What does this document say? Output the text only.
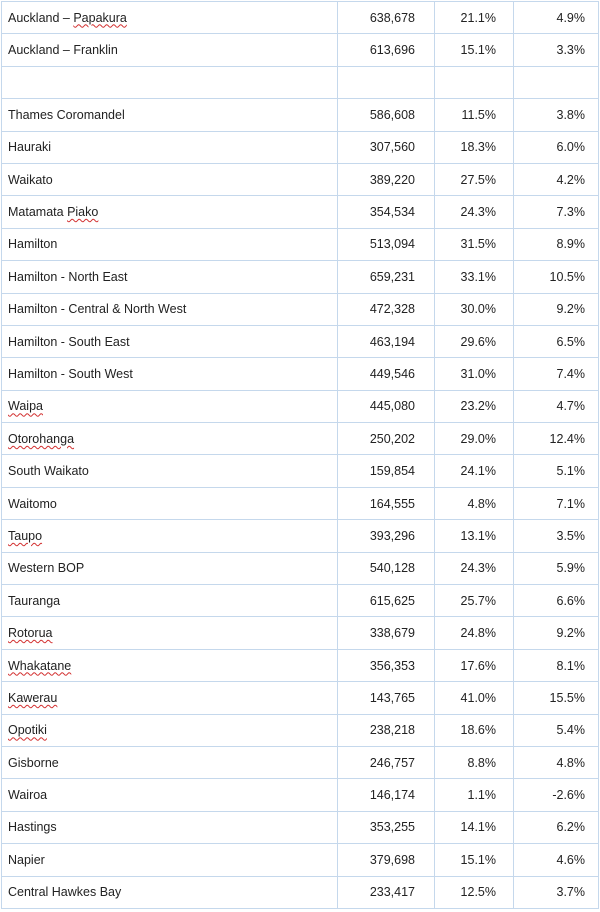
Auckland – Papakura	638,678	21.1%	4.9%
Auckland – Franklin	613,696	15.1%	3.3%

Thames Coromandel	586,608	11.5%	3.8%
Hauraki	307,560	18.3%	6.0%
Waikato	389,220	27.5%	4.2%
Matamata Piako	354,534	24.3%	7.3%
Hamilton	513,094	31.5%	8.9%
Hamilton - North East	659,231	33.1%	10.5%
Hamilton - Central & North West	472,328	30.0%	9.2%
Hamilton - South East	463,194	29.6%	6.5%
Hamilton - South West	449,546	31.0%	7.4%
Waipa	445,080	23.2%	4.7%
Otorohanga	250,202	29.0%	12.4%
South Waikato	159,854	24.1%	5.1%
Waitomo	164,555	4.8%	7.1%
Taupo	393,296	13.1%	3.5%
Western BOP	540,128	24.3%	5.9%
Tauranga	615,625	25.7%	6.6%
Rotorua	338,679	24.8%	9.2%
Whakatane	356,353	17.6%	8.1%
Kawerau	143,765	41.0%	15.5%
Opotiki	238,218	18.6%	5.4%
Gisborne	246,757	8.8%	4.8%
Wairoa	146,174	1.1%	-2.6%
Hastings	353,255	14.1%	6.2%
Napier	379,698	15.1%	4.6%
Central Hawkes Bay	233,417	12.5%	3.7%
